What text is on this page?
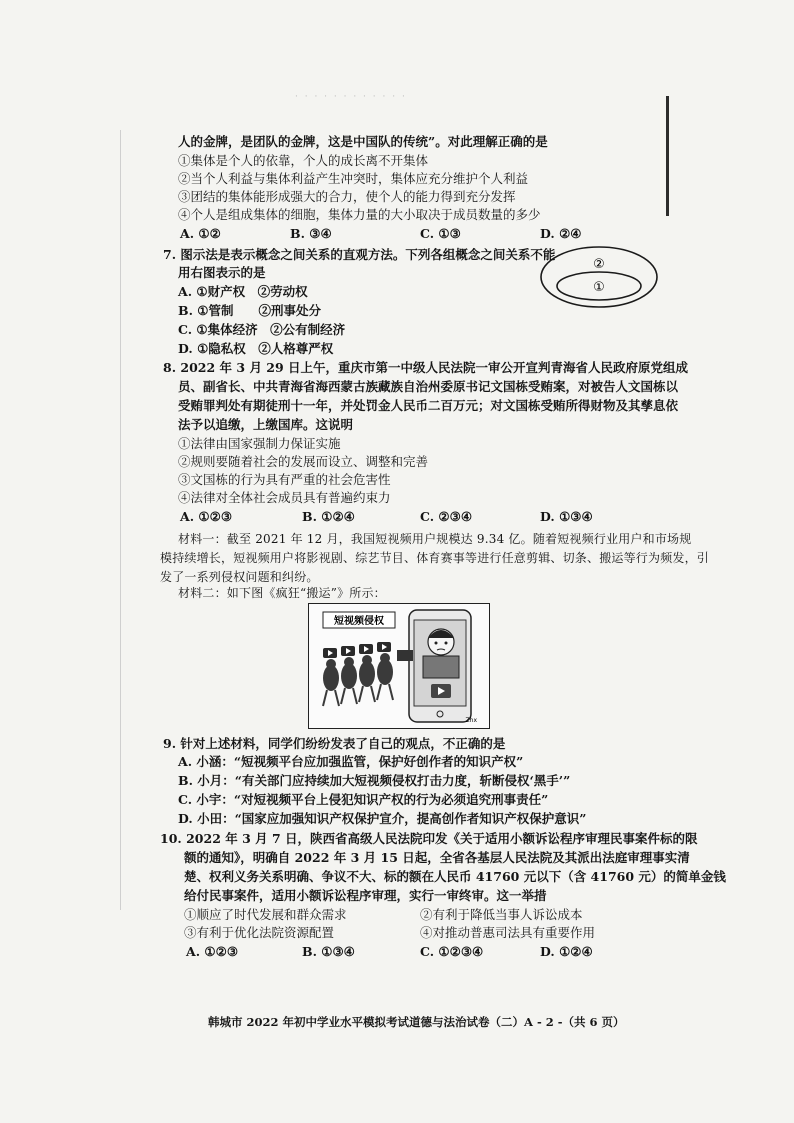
· · · · · · · · · · · ·
人的金牌，是团队的金牌，这是中国队的传统”。对此理解正确的是
①集体是个人的依靠，个人的成长离不开集体
②当个人利益与集体利益产生冲突时，集体应充分维护个人利益
③团结的集体能形成强大的合力，使个人的能力得到充分发挥
④个人是组成集体的细胞，集体力量的大小取决于成员数量的多少
A. ①②	B. ③④	C. ①③	D. ②④
7. 图示法是表示概念之间关系的直观方法。下列各组概念之间关系不能
用右图表示的是
A. ①财产权　②劳动权
B. ①管制　　②刑事处分
C. ①集体经济　②公有制经济
D. ①隐私权　②人格尊严权
②
①
8. 2022 年 3 月 29 日上午，重庆市第一中级人民法院一审公开宣判青海省人民政府原党组成
员、副省长、中共青海省海西蒙古族藏族自治州委原书记文国栋受贿案，对被告人文国栋以
受贿罪判处有期徒刑十一年，并处罚金人民币二百万元；对文国栋受贿所得财物及其孳息依
法予以追缴，上缴国库。这说明
①法律由国家强制力保证实施
②规则要随着社会的发展而设立、调整和完善
③文国栋的行为具有严重的社会危害性
④法律对全体社会成员具有普遍约束力
A. ①②③	B. ①②④	C. ②③④	D. ①③④
材料一：截至 2021 年 12 月，我国短视频用户规模达 9.34 亿。随着短视频行业用户和市场规
模持续增长，短视频用户将影视剧、综艺节目、体育赛事等进行任意剪辑、切条、搬运等行为频发，引
发了一系列侵权问题和纠纷。
材料二：如下图《疯狂“搬运”》所示：
短视频侵权
Zhx
9. 针对上述材料，同学们纷纷发表了自己的观点，不正确的是
A. 小涵：“短视频平台应加强监管，保护好创作者的知识产权”
B. 小月：“有关部门应持续加大短视频侵权打击力度，斩断侵权‘黑手’”
C. 小宇：“对短视频平台上侵犯知识产权的行为必须追究刑事责任”
D. 小田：“国家应加强知识产权保护宣介，提高创作者知识产权保护意识”
10. 2022 年 3 月 7 日，陕西省高级人民法院印发《关于适用小额诉讼程序审理民事案件标的限
额的通知》，明确自 2022 年 3 月 15 日起，全省各基层人民法院及其派出法庭审理事实清
楚、权利义务关系明确、争议不大、标的额在人民币 41760 元以下（含 41760 元）的简单金钱
给付民事案件，适用小额诉讼程序审理，实行一审终审。这一举措
①顺应了时代发展和群众需求	②有利于降低当事人诉讼成本
③有利于优化法院资源配置	④对推动普惠司法具有重要作用
A. ①②③	B. ①③④	C. ①②③④	D. ①②④
韩城市 2022 年初中学业水平模拟考试道德与法治试卷（二）A - 2 -（共 6 页）
